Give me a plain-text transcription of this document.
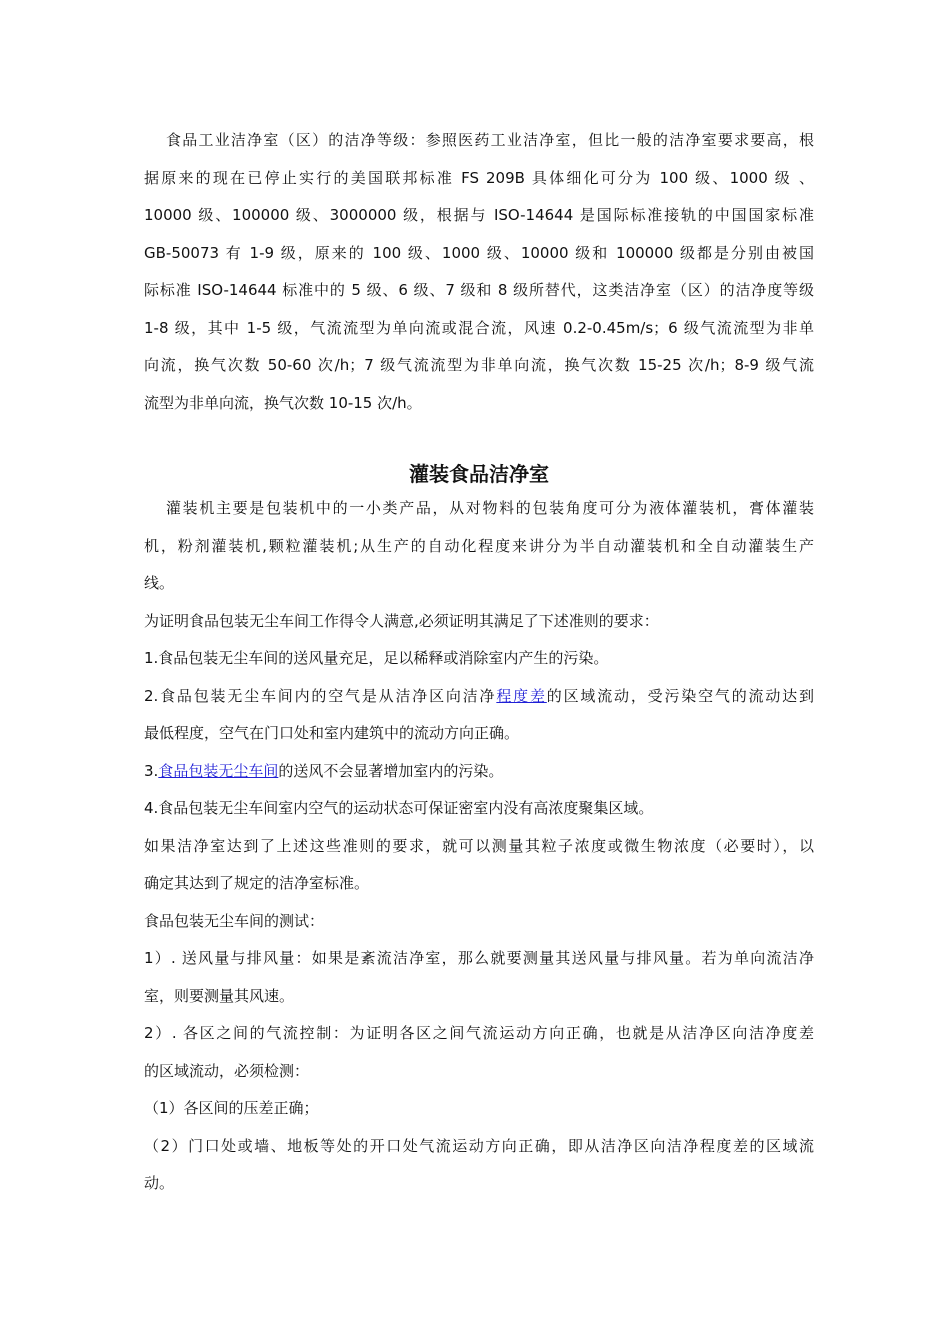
食品工业洁净室（区）的洁净等级：参照医药工业洁净室，但比一般的洁净室要求要高，根
据原来的现在已停止实行的美国联邦标准 FS 209B 具体细化可分为 100 级、1000 级 、
10000 级、100000 级、3000000 级，根据与 ISO-14644 是国际标准接轨的中国国家标准
GB-50073 有 1-9 级，原来的 100 级、1000 级、10000 级和 100000 级都是分别由被国
际标准 ISO-14644 标准中的 5 级、6 级、7 级和 8 级所替代，这类洁净室（区）的洁净度等级
1-8 级，其中 1-5 级，气流流型为单向流或混合流，风速 0.2-0.45m/s；6 级气流流型为非单
向流，换气次数 50-60 次/h；7 级气流流型为非单向流，换气次数 15-25 次/h；8-9 级气流
流型为非单向流，换气次数 10-15 次/h。
灌装食品洁净室
灌装机主要是包装机中的一小类产品，从对物料的包装角度可分为液体灌装机，膏体灌装
机，粉剂灌装机,颗粒灌装机;从生产的自动化程度来讲分为半自动灌装机和全自动灌装生产
线。
为证明食品包装无尘车间工作得令人满意,必须证明其满足了下述准则的要求：
1.食品包装无尘车间的送风量充足，足以稀释或消除室内产生的污染。
2.食品包装无尘车间内的空气是从洁净区向洁净程度差的区域流动，受污染空气的流动达到
最低程度，空气在门口处和室内建筑中的流动方向正确。
3.食品包装无尘车间的送风不会显著增加室内的污染。
4.食品包装无尘车间室内空气的运动状态可保证密室内没有高浓度聚集区域。
如果洁净室达到了上述这些准则的要求，就可以测量其粒子浓度或微生物浓度（必要时），以
确定其达到了规定的洁净室标准。
食品包装无尘车间的测试：
1）. 送风量与排风量：如果是紊流洁净室，那么就要测量其送风量与排风量。若为单向流洁净
室，则要测量其风速。
2）. 各区之间的气流控制：为证明各区之间气流运动方向正确，也就是从洁净区向洁净度差
的区域流动，必须检测：
（1）各区间的压差正确；
（2）门口处或墙、地板等处的开口处气流运动方向正确，即从洁净区向洁净程度差的区域流
动。
